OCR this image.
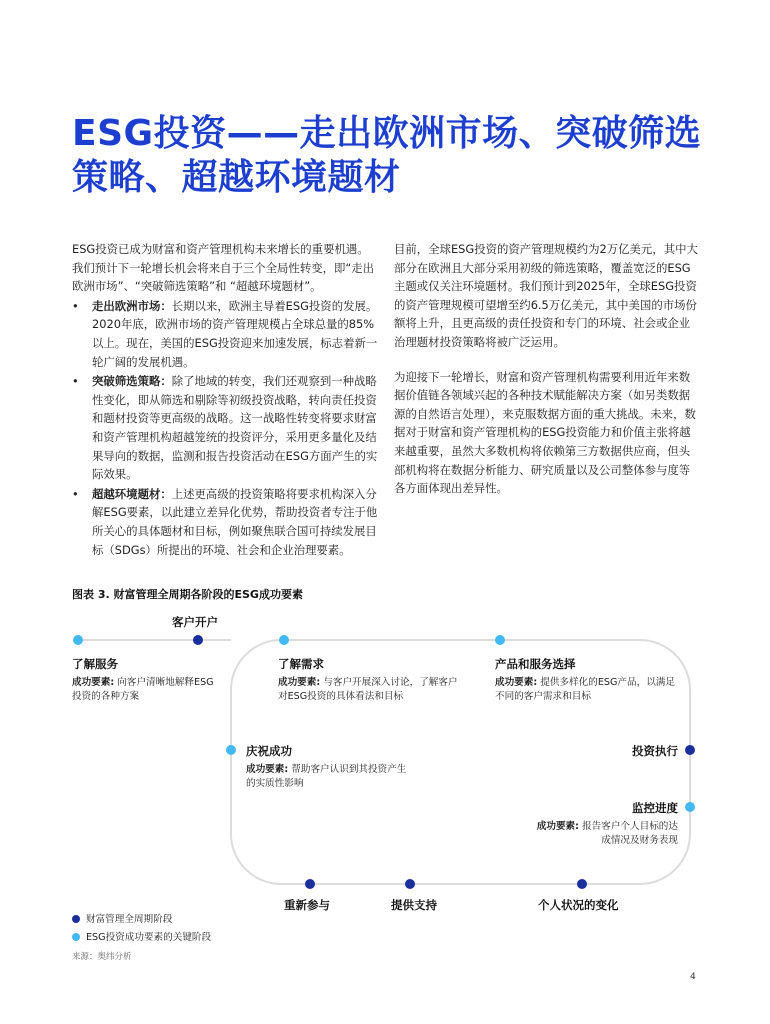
ESG投资——走出欧洲市场、突破筛选策略、超越环境题材

ESG投资已成为财富和资产管理机构未来增长的重要机遇。我们预计下一轮增长机会将来自于三个全局性转变，即“走出欧洲市场”、“突破筛选策略”和 “超越环境题材”。

• 走出欧洲市场：长期以来，欧洲主导着ESG投资的发展。2020年底，欧洲市场的资产管理规模占全球总量的85%以上。现在，美国的ESG投资迎来加速发展，标志着新一轮广阔的发展机遇。
• 突破筛选策略：除了地域的转变，我们还观察到一种战略性变化，即从筛选和剔除等初级投资战略，转向责任投资和题材投资等更高级的战略。这一战略性转变将要求财富和资产管理机构超越笼统的投资评分，采用更多量化及结果导向的数据，监测和报告投资活动在ESG方面产生的实际效果。
• 超越环境题材：上述更高级的投资策略将要求机构深入分解ESG要素，以此建立差异化优势，帮助投资者专注于他所关心的具体题材和目标，例如聚焦联合国可持续发展目标（SDGs）所提出的环境、社会和企业治理要素。

目前，全球ESG投资的资产管理规模约为2万亿美元，其中大部分在欧洲且大部分采用初级的筛选策略，覆盖宽泛的ESG主题或仅关注环境题材。我们预计到2025年，全球ESG投资的资产管理规模可望增至约6.5万亿美元，其中美国的市场份额将上升，且更高级的责任投资和专门的环境、社会或企业治理题材投资策略将被广泛运用。

为迎接下一轮增长，财富和资产管理机构需要利用近年来数据价值链各领域兴起的各种技术赋能解决方案（如另类数据源的自然语言处理），来克服数据方面的重大挑战。未来，数据对于财富和资产管理机构的ESG投资能力和价值主张将越来越重要，虽然大多数机构将依赖第三方数据供应商，但头部机构将在数据分析能力、研究质量以及公司整体参与度等各方面体现出差异性。

图表 3. 财富管理全周期各阶段的ESG成功要素
客户开户
了解服务
成功要素: 向客户清晰地解释ESG投资的各种方案
了解需求
成功要素: 与客户开展深入讨论，了解客户对ESG投资的具体看法和目标
产品和服务选择
成功要素: 提供多样化的ESG产品，以满足不同的客户需求和目标
庆祝成功
成功要素: 帮助客户认识到其投资产生的实质性影响
投资执行
监控进度
成功要素: 报告客户个人目标的达成情况及财务表现
重新参与	提供支持	个人状况的变化
财富管理全周期阶段
ESG投资成功要素的关键阶段
来源：奥纬分析
4
